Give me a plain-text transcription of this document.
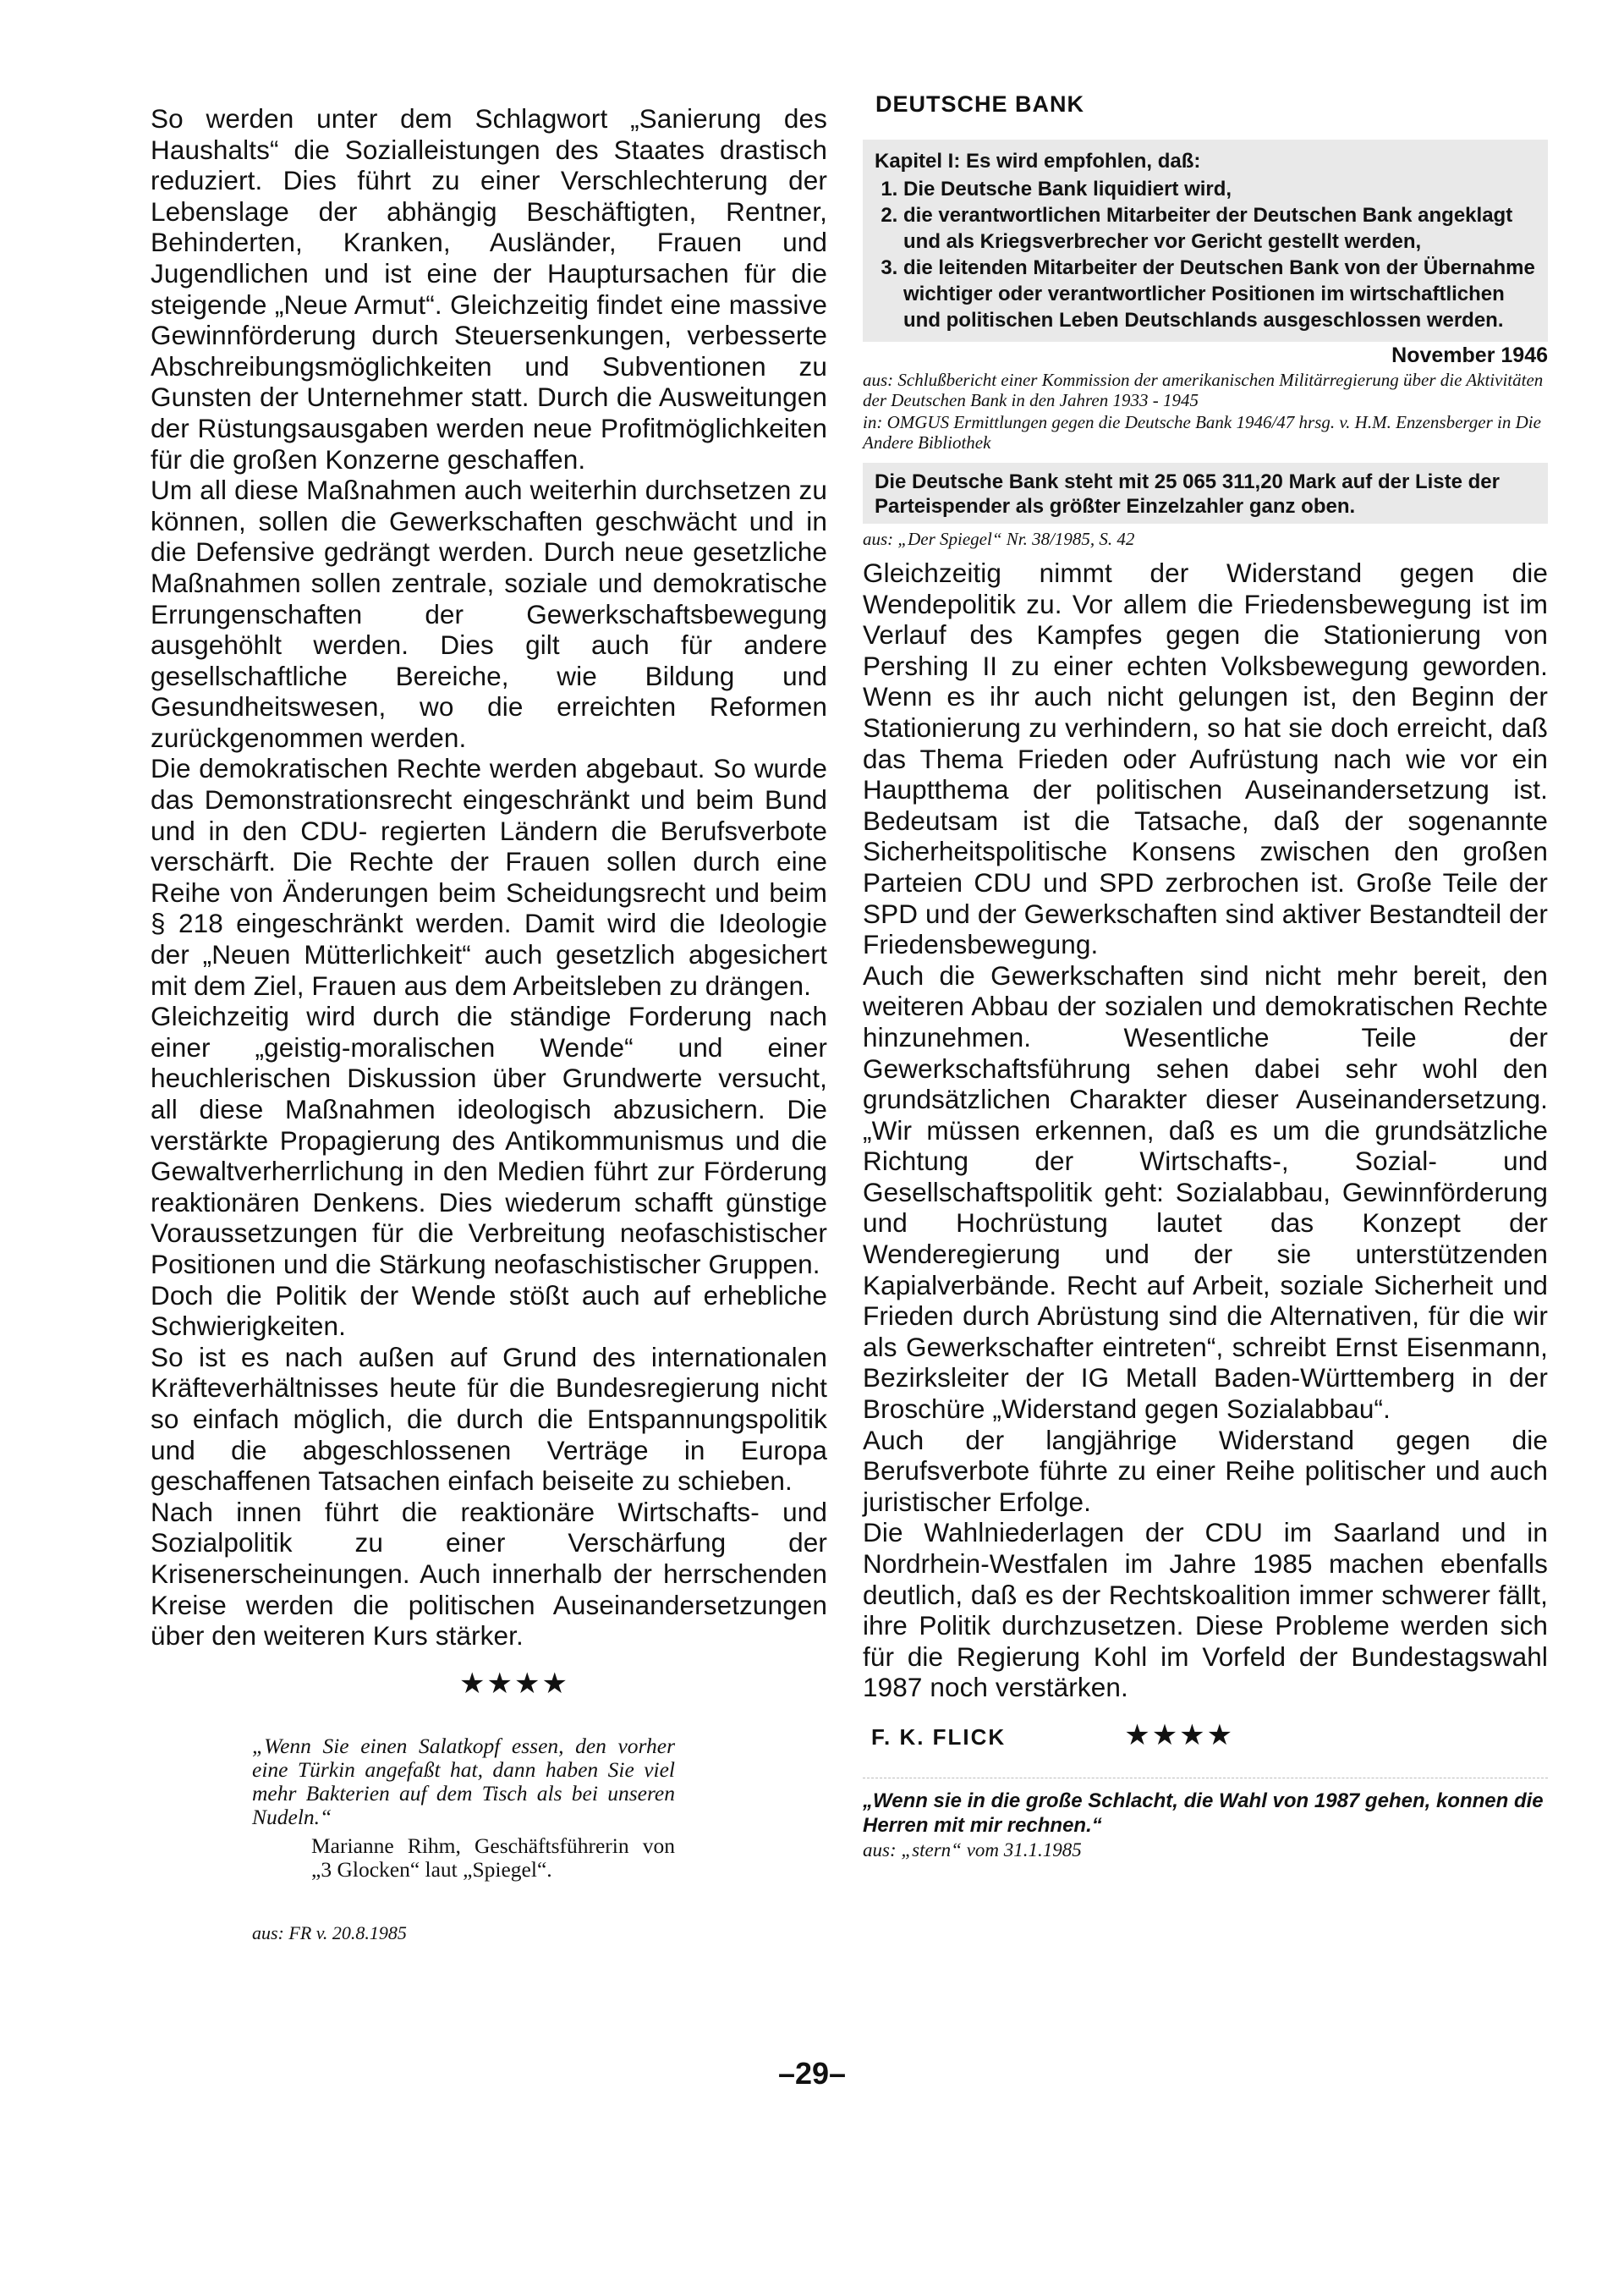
So werden unter dem Schlagwort „Sanierung des Haushalts“ die Sozialleistungen des Staates drastisch reduziert. Dies führt zu einer Verschlechterung der Lebenslage der abhängig Beschäftigten, Rentner, Behinderten, Kranken, Ausländer, Frauen und Jugendlichen und ist eine der Hauptursachen für die steigende „Neue Armut“. Gleichzeitig findet eine massive Gewinnförderung durch Steuersenkungen, verbesserte Abschreibungsmöglichkeiten und Subventionen zu Gunsten der Unternehmer statt. Durch die Ausweitungen der Rüstungsausgaben werden neue Profitmöglichkeiten für die großen Konzerne geschaffen.

Um all diese Maßnahmen auch weiterhin durchsetzen zu können, sollen die Gewerkschaften geschwächt und in die Defensive gedrängt werden. Durch neue gesetzliche Maßnahmen sollen zentrale, soziale und demokratische Errungenschaften der Gewerkschaftsbewegung ausgehöhlt werden. Dies gilt auch für andere gesellschaftliche Bereiche, wie Bildung und Gesundheitswesen, wo die erreichten Reformen zurückgenommen werden.

Die demokratischen Rechte werden abgebaut. So wurde das Demonstrationsrecht eingeschränkt und beim Bund und in den CDU- regierten Ländern die Berufsverbote verschärft. Die Rechte der Frauen sollen durch eine Reihe von Änderungen beim Scheidungsrecht und beim § 218 eingeschränkt werden. Damit wird die Ideologie der „Neuen Mütterlichkeit“ auch gesetzlich abgesichert mit dem Ziel, Frauen aus dem Arbeitsleben zu drängen.

Gleichzeitig wird durch die ständige Forderung nach einer „geistig-moralischen Wende“ und einer heuchlerischen Diskussion über Grundwerte versucht, all diese Maßnahmen ideologisch abzusichern. Die verstärkte Propagierung des Antikommunismus und die Gewaltverherrlichung in den Medien führt zur Förderung reaktionären Denkens. Dies wiederum schafft günstige Voraussetzungen für die Verbreitung neofaschistischer Positionen und die Stärkung neofaschistischer Gruppen.

Doch die Politik der Wende stößt auch auf erhebliche Schwierigkeiten.

So ist es nach außen auf Grund des internationalen Kräfteverhältnisses heute für die Bundesregierung nicht so einfach möglich, die durch die Entspannungspolitik und die abgeschlossenen Verträge in Europa geschaffenen Tatsachen einfach beiseite zu schieben.

Nach innen führt die reaktionäre Wirtschafts- und Sozialpolitik zu einer Verschärfung der Krisenerscheinungen. Auch innerhalb der herrschenden Kreise werden die politischen Auseinandersetzungen über den weiteren Kurs stärker.

★★★★
„Wenn Sie einen Salatkopf essen, den vorher eine Türkin angefaßt hat, dann haben Sie viel mehr Bakterien auf dem Tisch als bei unseren Nudeln.“
Marianne Rihm, Geschäftsführerin von „3 Glocken“ laut „Spiegel“.
aus: FR v. 20.8.1985
DEUTSCHE BANK
Kapitel I: Es wird empfohlen, daß:
1. Die Deutsche Bank liquidiert wird,
2. die verantwortlichen Mitarbeiter der Deutschen Bank angeklagt und als Kriegsverbrecher vor Gericht gestellt werden,
3. die leitenden Mitarbeiter der Deutschen Bank von der Übernahme wichtiger oder verantwortlicher Positionen im wirtschaftlichen und politischen Leben Deutschlands ausgeschlossen werden.
November 1946
aus: Schlußbericht einer Kommission der amerikanischen Militärregierung über die Aktivitäten der Deutschen Bank in den Jahren 1933 - 1945
in: OMGUS Ermittlungen gegen die Deutsche Bank 1946/47 hrsg. v. H.M. Enzensberger in Die Andere Bibliothek
Die Deutsche Bank steht mit 25 065 311,20 Mark auf der Liste der Parteispender als größter Einzelzahler ganz oben.
aus: „Der Spiegel“ Nr. 38/1985, S. 42

Gleichzeitig nimmt der Widerstand gegen die Wendepolitik zu. Vor allem die Friedensbewegung ist im Verlauf des Kampfes gegen die Stationierung von Pershing II zu einer echten Volksbewegung geworden. Wenn es ihr auch nicht gelungen ist, den Beginn der Stationierung zu verhindern, so hat sie doch erreicht, daß das Thema Frieden oder Aufrüstung nach wie vor ein Hauptthema der politischen Auseinandersetzung ist. Bedeutsam ist die Tatsache, daß der sogenannte Sicherheitspolitische Konsens zwischen den großen Parteien CDU und SPD zerbrochen ist. Große Teile der SPD und der Gewerkschaften sind aktiver Bestandteil der Friedensbewegung.

Auch die Gewerkschaften sind nicht mehr bereit, den weiteren Abbau der sozialen und demokratischen Rechte hinzunehmen. Wesentliche Teile der Gewerkschaftsführung sehen dabei sehr wohl den grundsätzlichen Charakter dieser Auseinandersetzung. „Wir müssen erkennen, daß es um die grundsätzliche Richtung der Wirtschafts-, Sozial- und Gesellschaftspolitik geht: Sozialabbau, Gewinnförderung und Hochrüstung lautet das Konzept der Wenderegierung und der sie unterstützenden Kapialverbände. Recht auf Arbeit, soziale Sicherheit und Frieden durch Abrüstung sind die Alternativen, für die wir als Gewerkschafter eintreten“, schreibt Ernst Eisenmann, Bezirksleiter der IG Metall Baden-Württemberg in der Broschüre „Widerstand gegen Sozialabbau“.

Auch der langjährige Widerstand gegen die Berufsverbote führte zu einer Reihe politischer und auch juristischer Erfolge.

Die Wahlniederlagen der CDU im Saarland und in Nordrhein-Westfalen im Jahre 1985 machen ebenfalls deutlich, daß es der Rechtskoalition immer schwerer fällt, ihre Politik durchzusetzen. Diese Probleme werden sich für die Regierung Kohl im Vorfeld der Bundestagswahl 1987 noch verstärken.

F. K. FLICK	★★★★
„Wenn sie in die große Schlacht, die Wahl von 1987 gehen, konnen die Herren mit mir rechnen.“
aus: „stern“ vom 31.1.1985
–29–
